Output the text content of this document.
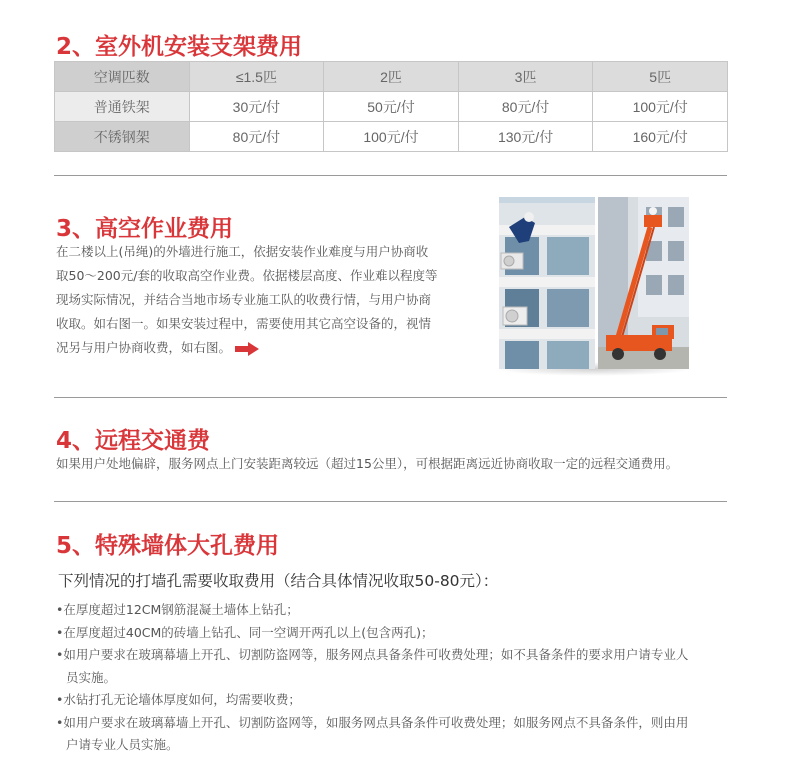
2、室外机安装支架费用
空调匹数	≤1.5匹	2匹	3匹	5匹
普通铁架	30元/付	50元/付	80元/付	100元/付
不锈钢架	80元/付	100元/付	130元/付	160元/付
3、高空作业费用
在二楼以上(吊绳)的外墙进行施工，依据安装作业难度与用户协商收
取50～200元/套的收取高空作业费。依据楼层高度、作业难以程度等
现场实际情况，并结合当地市场专业施工队的收费行情，与用户协商
收取。如右图一。如果安装过程中，需要使用其它高空设备的，视情
况另与用户协商收费，如右图。
4、远程交通费
如果用户处地偏辟，服务网点上门安装距离较远（超过15公里），可根据距离远近协商收取一定的远程交通费用。
5、特殊墙体大孔费用
下列情况的打墙孔需要收取费用（结合具体情况收取50-80元）：
•在厚度超过12CM钢筋混凝土墙体上钻孔；
•在厚度超过40CM的砖墙上钻孔、同一空调开两孔以上(包含两孔)；
•如用户要求在玻璃幕墙上开孔、切割防盗网等，服务网点具备条件可收费处理；如不具备条件的要求用户请专业人
员实施。
•水钻打孔无论墙体厚度如何，均需要收费；
•如用户要求在玻璃幕墙上开孔、切割防盗网等，如服务网点具备条件可收费处理；如服务网点不具备条件，则由用
户请专业人员实施。
